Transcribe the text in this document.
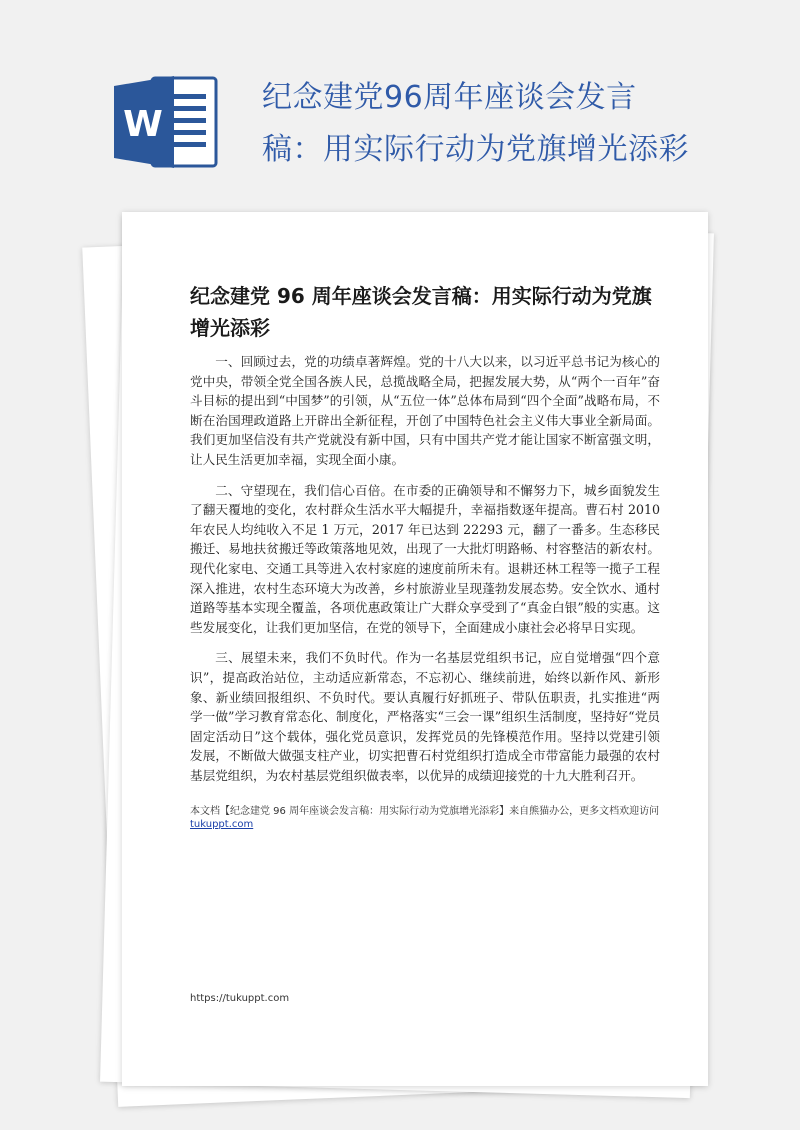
W
纪念建党96周年座谈会发言
稿：用实际行动为党旗增光添彩
纪念建党 96 周年座谈会发言稿：用实际行动为党旗增光添彩

一、回顾过去，党的功绩卓著辉煌。党的十八大以来，以习近平总书记为核心的党中央，带领全党全国各族人民，总揽战略全局，把握发展大势，从“两个一百年”奋斗目标的提出到“中国梦”的引领，从“五位一体”总体布局到“四个全面”战略布局，不断在治国理政道路上开辟出全新征程，开创了中国特色社会主义伟大事业全新局面。我们更加坚信没有共产党就没有新中国，只有中国共产党才能让国家不断富强文明，让人民生活更加幸福，实现全面小康。

二、守望现在，我们信心百倍。在市委的正确领导和不懈努力下，城乡面貌发生了翻天覆地的变化，农村群众生活水平大幅提升，幸福指数逐年提高。曹石村 2010 年农民人均纯收入不足 1 万元，2017 年已达到 22293 元，翻了一番多。生态移民搬迁、易地扶贫搬迁等政策落地见效，出现了一大批灯明路畅、村容整洁的新农村。现代化家电、交通工具等进入农村家庭的速度前所未有。退耕还林工程等一揽子工程深入推进，农村生态环境大为改善，乡村旅游业呈现蓬勃发展态势。安全饮水、通村道路等基本实现全覆盖，各项优惠政策让广大群众享受到了“真金白银”般的实惠。这些发展变化，让我们更加坚信，在党的领导下，全面建成小康社会必将早日实现。

三、展望未来，我们不负时代。作为一名基层党组织书记，应自觉增强“四个意识”，提高政治站位，主动适应新常态，不忘初心、继续前进，始终以新作风、新形象、新业绩回报组织、不负时代。要认真履行好抓班子、带队伍职责，扎实推进“两学一做”学习教育常态化、制度化，严格落实“三会一课”组织生活制度，坚持好“党员固定活动日”这个载体，强化党员意识，发挥党员的先锋模范作用。坚持以党建引领发展，不断做大做强支柱产业，切实把曹石村党组织打造成全市带富能力最强的农村基层党组织，为农村基层党组织做表率，以优异的成绩迎接党的十九大胜利召开。

本文档【纪念建党 96 周年座谈会发言稿：用实际行动为党旗增光添彩】来自熊猫办公，更多文档欢迎访问
tukuppt.com
https://tukuppt.com
